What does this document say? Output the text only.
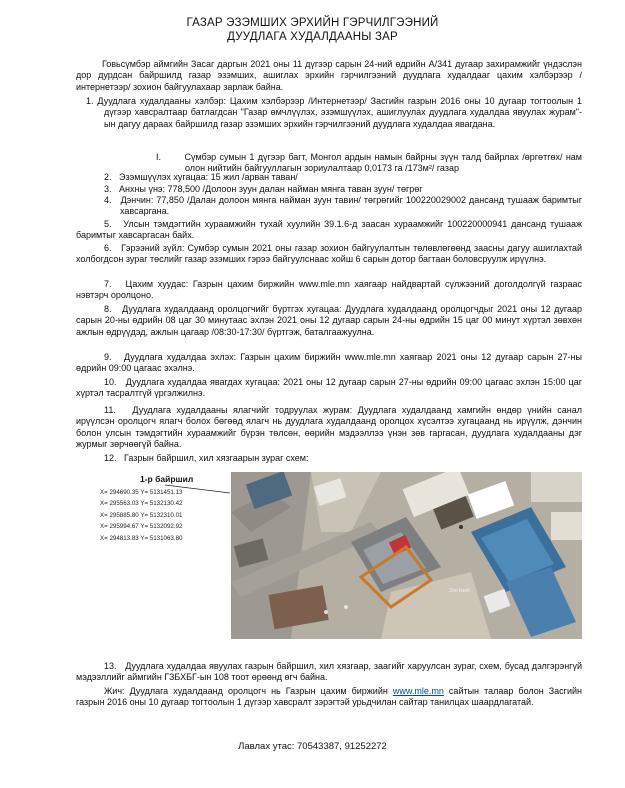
ГАЗАР ЭЗЭМШИХ ЭРХИЙН ГЭРЧИЛГЭЭНИЙ
ДУУДЛАГА ХУДАЛДААНЫ ЗАР
Говьсүмбэр аймгийн Засаг даргын 2021 оны 11 дүгээр сарын 24-ний өдрийн А/341 дугаар захирамжийг үндэслэн дор дурдсан байршилд газар эзэмших, ашиглах эрхийн гэрчилгээний дуудлага худалдааг цахим хэлбэрээр /интернетээр/ зохион байгуулахаар зарлаж байна.
1. Дуудлага худалдааны хэлбэр: Цахим хэлбэрээр /Интернетээр/ Засгийн газрын 2016 оны 10 дугаар тогтоолын 1 дүгээр хавсралтаар батлагдсан "Газар өмчлүүлэх, эзэмшүүлэх, ашиглуулах дуудлага худалдаа явуулах журам"-ын дагуу дараах байршилд газар эзэмших эрхийн гэрчилгээний дуудлага худалдаа явагдана.
I.	Сүмбэр сумын 1 дүгээр багт, Монгол ардын намын байрны зүүн талд байрлах /өргөтгөх/ нам олон нийтийн байгууллагын зориулалтаар 0,0173 га /173м²/ газар
2. Эзэмшүүлэх хугацаа: 15 жил /арван таван/
3. Анхны үнэ: 778,500 /Долоон зуун далан найман мянга таван зуун/ төгрөг
4. Дэнчин: 77,850 /Далан долоон мянга найман зуун тавин/ төгрөгийг 100220029002 дансанд тушааж баримтыг хавсаргана.
5. Улсын тэмдэгтийн хураамжийн тухай хуулийн 39.1.6-д заасан хураамжийг 100220000941 дансанд тушааж баримтыг хавсаргасан байх.
6. Гэрээний зүйл: Сумбэр сумын 2021 оны газар зохион байгуулалтын төлөвлөгөөнд заасны дагуу ашиглахтай холбогдсон зураг төслийг газар эзэмших гэрээ байгуулснаас хойш 6 сарын дотор багтаан боловсруулж ирүүлнэ.
7. Цахим хуудас: Газрын цахим биржийн www.mle.mn хаягаар найдвартай сүлжээний доголдолгүй газраас нэвтэрч оролцоно.
8. Дуудлага худалдаанд оролцогчийг бүртгэх хугацаа: Дуудлага худалдаанд оролцогчдыг 2021 оны 12 дугаар сарын 20-ны өдрийн 08 цаг 30 минутаас эхлэн 2021 оны 12 дугаар сарын 24-ны өдрийн 15 цаг 00 минут хүртэл зөвхөн ажлын өдрүүдэд, ажлын цагаар /08:30-17:30/ бүртгэж, баталгаажуулна.
9. Дуудлага худалдаа эхлэх: Газрын цахим биржийн www.mle.mn хаягаар 2021 оны 12 дугаар сарын 27-ны өдрийн 09:00 цагаас эхэлнэ.
10. Дуудлага худалдаа явагдах хугацаа: 2021 оны 12 дугаар сарын 27-ны өдрийн 09:00 цагаас эхлэн 15:00 цаг хүртэл тасралтгүй үргэлжилнэ.
11. Дуудлага худалдааны ялагчийг тодруулах журам: Дуудлага худалдаанд хамгийн өндөр үнийн санал ирүүлсэн оролцогч ялагч болох бөгөөд ялагч нь дуудлага худалдаанд оролцох хүсэлтээ хугацаанд нь ирүүлж, дэнчин болон улсын тэмдэгтийн хураамжийг бүрэн төлсөн, өөрийн мэдээллээ үнэн зөв гаргасан, дуудлага худалдааны дэг журмыг зөрчөөгүй байна.
12. Газрын байршил, хил хязгаарын зураг схем:
1-р байршил
X= 294690.35 Y= 5131451.13
X= 295563.03 Y= 5132130.42
X= 295885.80 Y= 5132310.01
X= 295994.67 Y= 5132092.92
X= 294813.83 Y= 5131063.80
Zoo bank
13. Дуудлага худалдаа явуулах газрын байршил, хил хязгаар, заагийг харуулсан зураг, схем, бусад дэлгэрэнгүй мэдээллийг аймгийн ГЗБХБГ-ын 108 тоот өрөөнд өгч байна.
Жич: Дуудлага худалдаанд оролцогч нь Газрын цахим биржийн www.mle.mn сайтын талаар болон Засгийн газрын 2016 оны 10 дугаар тогтоолын 1 дүгээр хавсралт зэрэгтэй урьдчилан сайтар танилцах шаардлагатай.
Лавлах утас: 70543387, 91252272
